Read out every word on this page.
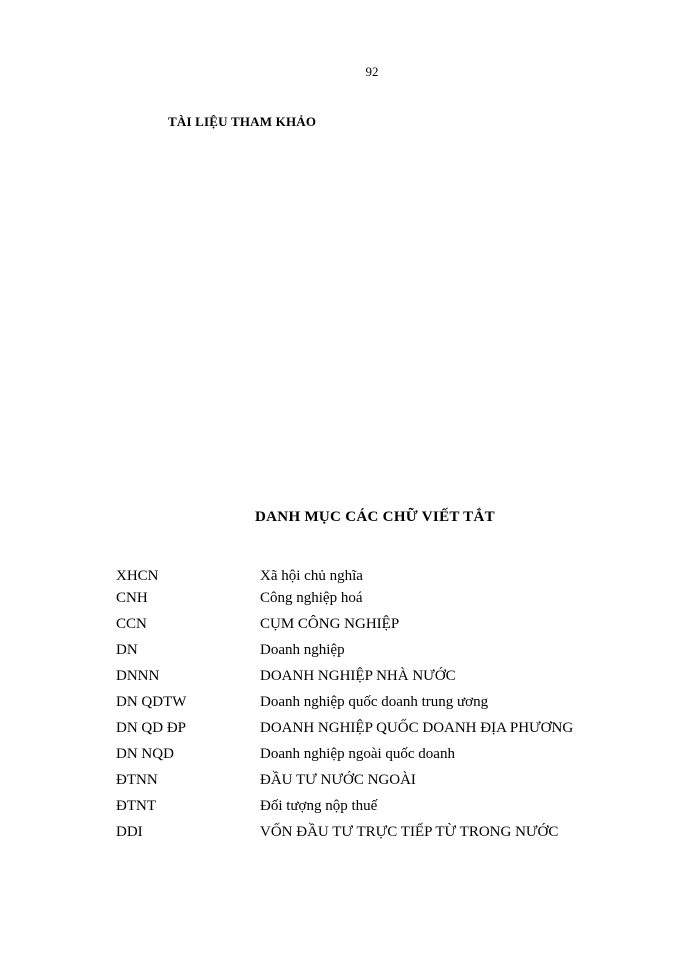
92
TÀI LIỆU THAM KHẢO
DANH MỤC CÁC CHỮ VIẾT TẮT
XHCN	Xã hội chủ nghĩa
CNH	Công nghiệp hoá
CCN	CỤM CÔNG NGHIỆP
DN	Doanh nghiệp
DNNN	DOANH NGHIỆP NHÀ NƯỚC
DN QDTW	Doanh nghiệp quốc doanh trung ương
DN QD ĐP	DOANH NGHIỆP QUỐC DOANH ĐỊA PHƯƠNG
DN NQD	Doanh nghiệp ngoài quốc doanh
ĐTNN	ĐẦU TƯ NƯỚC NGOÀI
ĐTNT	Đối tượng nộp thuế
DDI	VỐN ĐẦU TƯ TRỰC TIẾP TỪ TRONG NƯỚC
